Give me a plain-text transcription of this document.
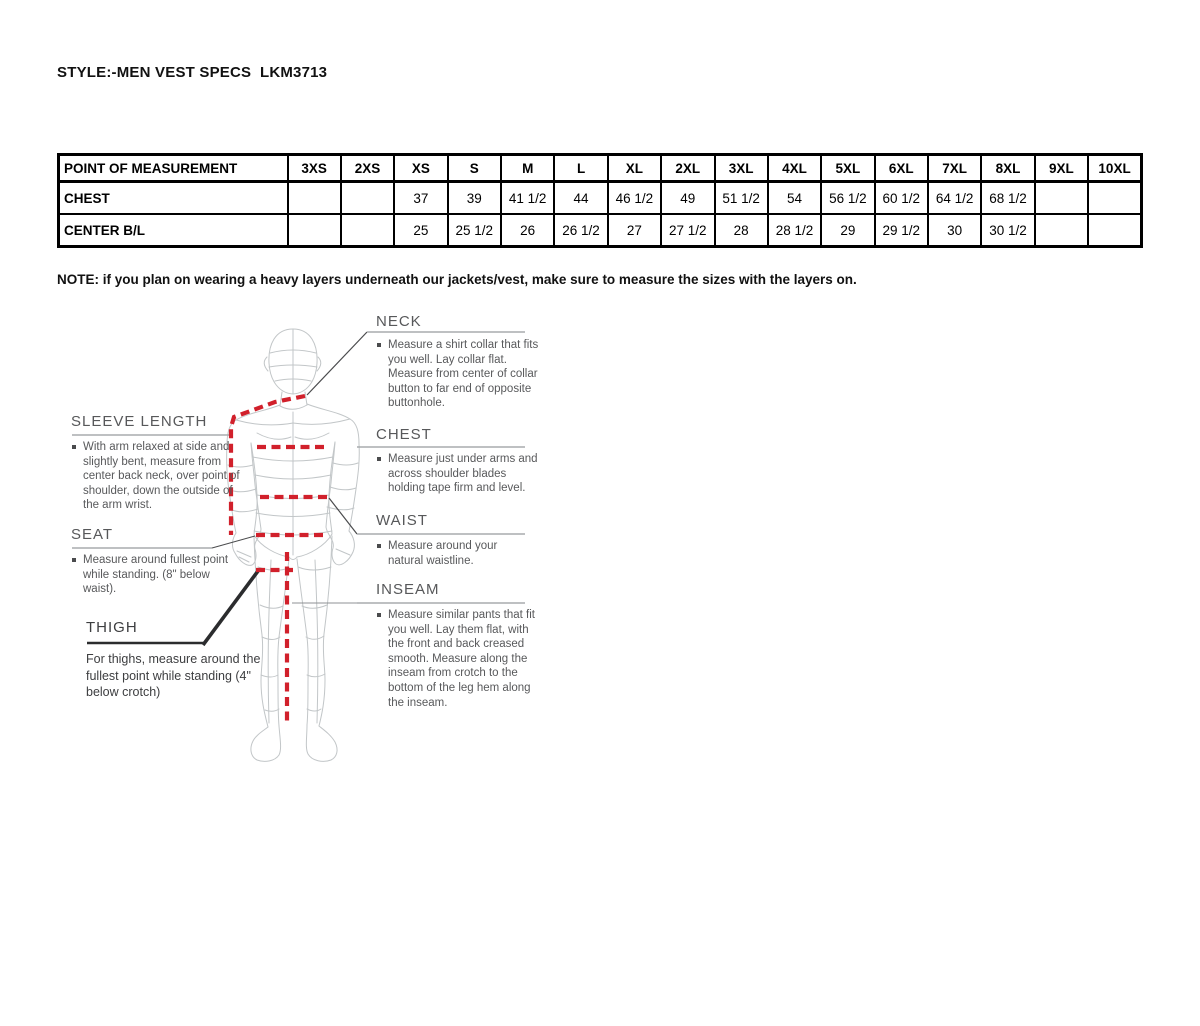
STYLE:-MEN VEST SPECS  LKM3713
POINT OF MEASUREMENT	3XS	2XS	XS	S	M	L	XL	2XL	3XL	4XL	5XL	6XL	7XL	8XL	9XL	10XL
CHEST			37	39	41 1/2	44	46 1/2	49	51 1/2	54	56 1/2	60 1/2	64 1/2	68 1/2		
CENTER B/L			25	25 1/2	26	26 1/2	27	27 1/2	28	28 1/2	29	29 1/2	30	30 1/2		
NOTE: if you plan on wearing a heavy layers underneath our jackets/vest, make sure to measure the sizes with the layers on.
NECK
Measure a shirt collar that fits you well. Lay collar flat. Measure from center of collar button to far end of opposite buttonhole.
CHEST
Measure just under arms and across shoulder blades holding tape firm and level.
WAIST
Measure around your natural waistline.
INSEAM
Measure similar pants that fit you well. Lay them flat, with the front and back creased smooth. Measure along the inseam from crotch to the bottom of the leg hem along the inseam.
SLEEVE LENGTH
With arm relaxed at side and slightly bent, measure from center back neck, over point of shoulder, down the outside of the arm wrist.
SEAT
Measure around fullest point while standing. (8" below waist).
THIGH
For thighs, measure around the fullest point while standing (4" below crotch)
